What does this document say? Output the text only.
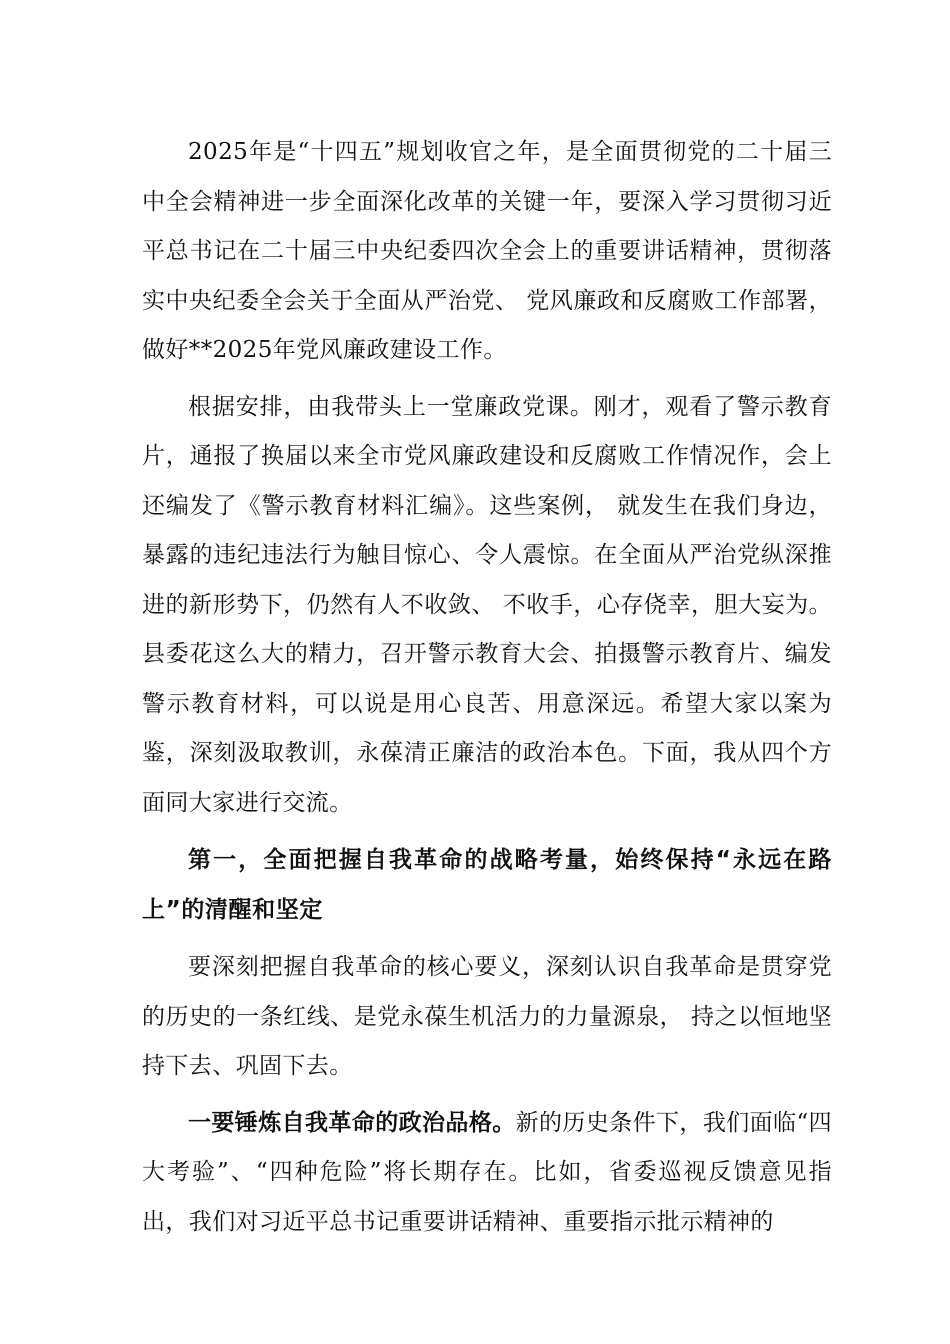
2025年是“十四五”规划收官之年，是全面贯彻党的二十届三中全会精神进一步全面深化改革的关键一年，要深入学习贯彻习近平总书记在二十届三中央纪委四次全会上的重要讲话精神，贯彻落实中央纪委全会关于全面从严治党、 党风廉政和反腐败工作部署，做好**2025年党风廉政建设工作。

根据安排，由我带头上一堂廉政党课。刚才，观看了警示教育片，通报了换届以来全市党风廉政建设和反腐败工作情况作，会上还编发了《警示教育材料汇编》。这些案例， 就发生在我们身边，暴露的违纪违法行为触目惊心、令人震惊。在全面从严治党纵深推进的新形势下，仍然有人不收敛、 不收手，心存侥幸，胆大妄为。县委花这么大的精力，召开警示教育大会、拍摄警示教育片、编发警示教育材料，可以说是用心良苦、用意深远。希望大家以案为鉴，深刻汲取教训，永葆清正廉洁的政治本色。下面，我从四个方面同大家进行交流。

第一，全面把握自我革命的战略考量，始终保持“永远在路上”的清醒和坚定

要深刻把握自我革命的核心要义，深刻认识自我革命是贯穿党的历史的一条红线、是党永葆生机活力的力量源泉， 持之以恒地坚持下去、巩固下去。

一要锤炼自我革命的政治品格。新的历史条件下，我们面临“四大考验”、“四种危险”将长期存在。比如，省委巡视反馈意见指出，我们对习近平总书记重要讲话精神、重要指示批示精神的
